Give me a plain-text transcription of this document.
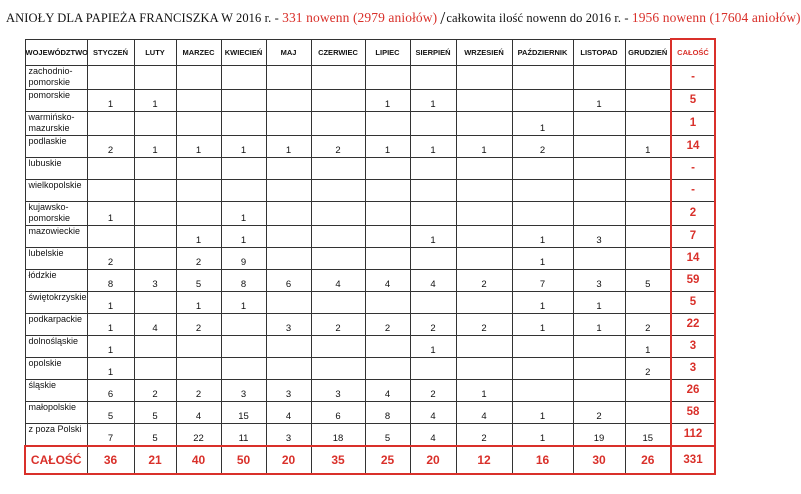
ANIOŁY DLA PAPIEŻA FRANCISZKA W 2016 r. - 331 nowenn (2979 aniołów) /całkowita ilość nowenn do 2016 r. - 1956 nowenn (17604 aniołów)
WOJEWÓDZTWO	STYCZEŃ	LUTY	MARZEC	KWIECIEŃ	MAJ	CZERWIEC	LIPIEC	SIERPIEŃ	WRZESIEŃ	PAŹDZIERNIK	LISTOPAD	GRUDZIEŃ	CAŁOŚĆ
zachodnio-pomorskie													-
pomorskie	1	1					1	1			1		5
warmińsko-mazurskie										1			1
podlaskie	2	1	1	1	1	2	1	1	1	2		1	14
lubuskie													-
wielkopolskie													-
kujawsko-pomorskie	1			1									2
mazowieckie			1	1				1		1	3		7
lubelskie	2		2	9						1			14
łódzkie	8	3	5	8	6	4	4	4	2	7	3	5	59
świętokrzyskie	1		1	1						1	1		5
podkarpackie	1	4	2		3	2	2	2	2	1	1	2	22
dolnośląskie	1							1				1	3
opolskie	1											2	3
śląskie	6	2	2	3	3	3	4	2	1				26
małopolskie	5	5	4	15	4	6	8	4	4	1	2		58
z poza Polski	7	5	22	11	3	18	5	4	2	1	19	15	112
CAŁOŚĆ	36	21	40	50	20	35	25	20	12	16	30	26	331
